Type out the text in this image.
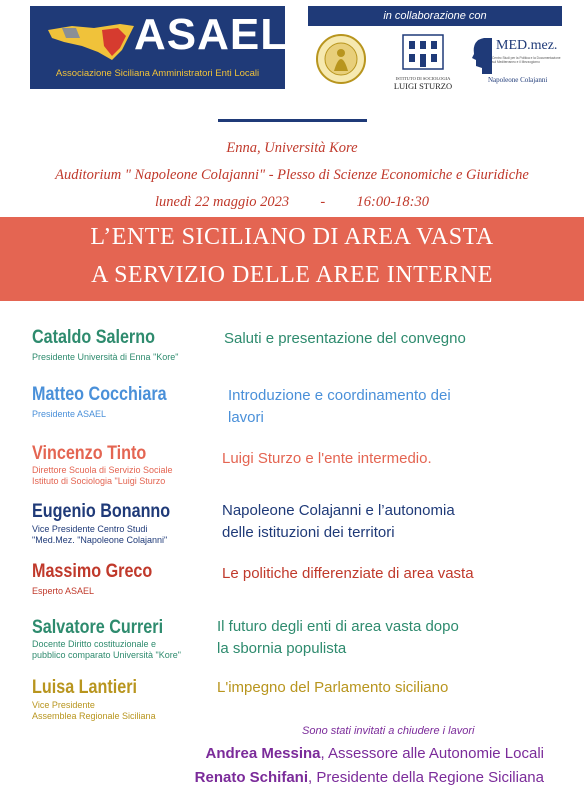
ASAEL
Associazione Siciliana Amministratori Enti Locali
in collaborazione con
ISTITUTO DI SOCIOLOGIA
LUIGI STURZO
MED.mez.
Centro Studi per la Politica e la Documentazione sul Mediterraneo e il Mezzogiorno
Napoleone Colajanni
Enna, Università Kore
Auditorium " Napoleone Colajanni" - Plesso di Scienze Economiche e Giuridiche
lunedì 22 maggio 2023 - 16:00-18:30
L’ENTE SICILIANO DI AREA VASTA
A SERVIZIO DELLE AREE INTERNE
Cataldo Salerno
Presidente Università di Enna "Kore"
Saluti e presentazione del convegno
Matteo Cocchiara
Presidente ASAEL
Introduzione e coordinamento dei
lavori
Vincenzo Tinto
Direttore Scuola di Servizio Sociale
Istituto di Sociologia "Luigi Sturzo
Luigi Sturzo e l'ente intermedio.
Eugenio Bonanno
Vice Presidente Centro Studi
"Med.Mez. "Napoleone Colajanni"
Napoleone Colajanni e l’autonomia
delle istituzioni dei territori
Massimo Greco
Esperto ASAEL
Le politiche differenziate di area vasta
Salvatore Curreri
Docente Diritto costituzionale e
pubblico comparato Università "Kore"
Il futuro degli enti di area vasta dopo
la sbornia populista
Luisa Lantieri
Vice Presidente
Assemblea Regionale Siciliana
L'impegno del Parlamento siciliano
Sono stati invitati a chiudere i lavori
Andrea Messina, Assessore alle Autonomie Locali
Renato Schifani, Presidente della Regione Siciliana
